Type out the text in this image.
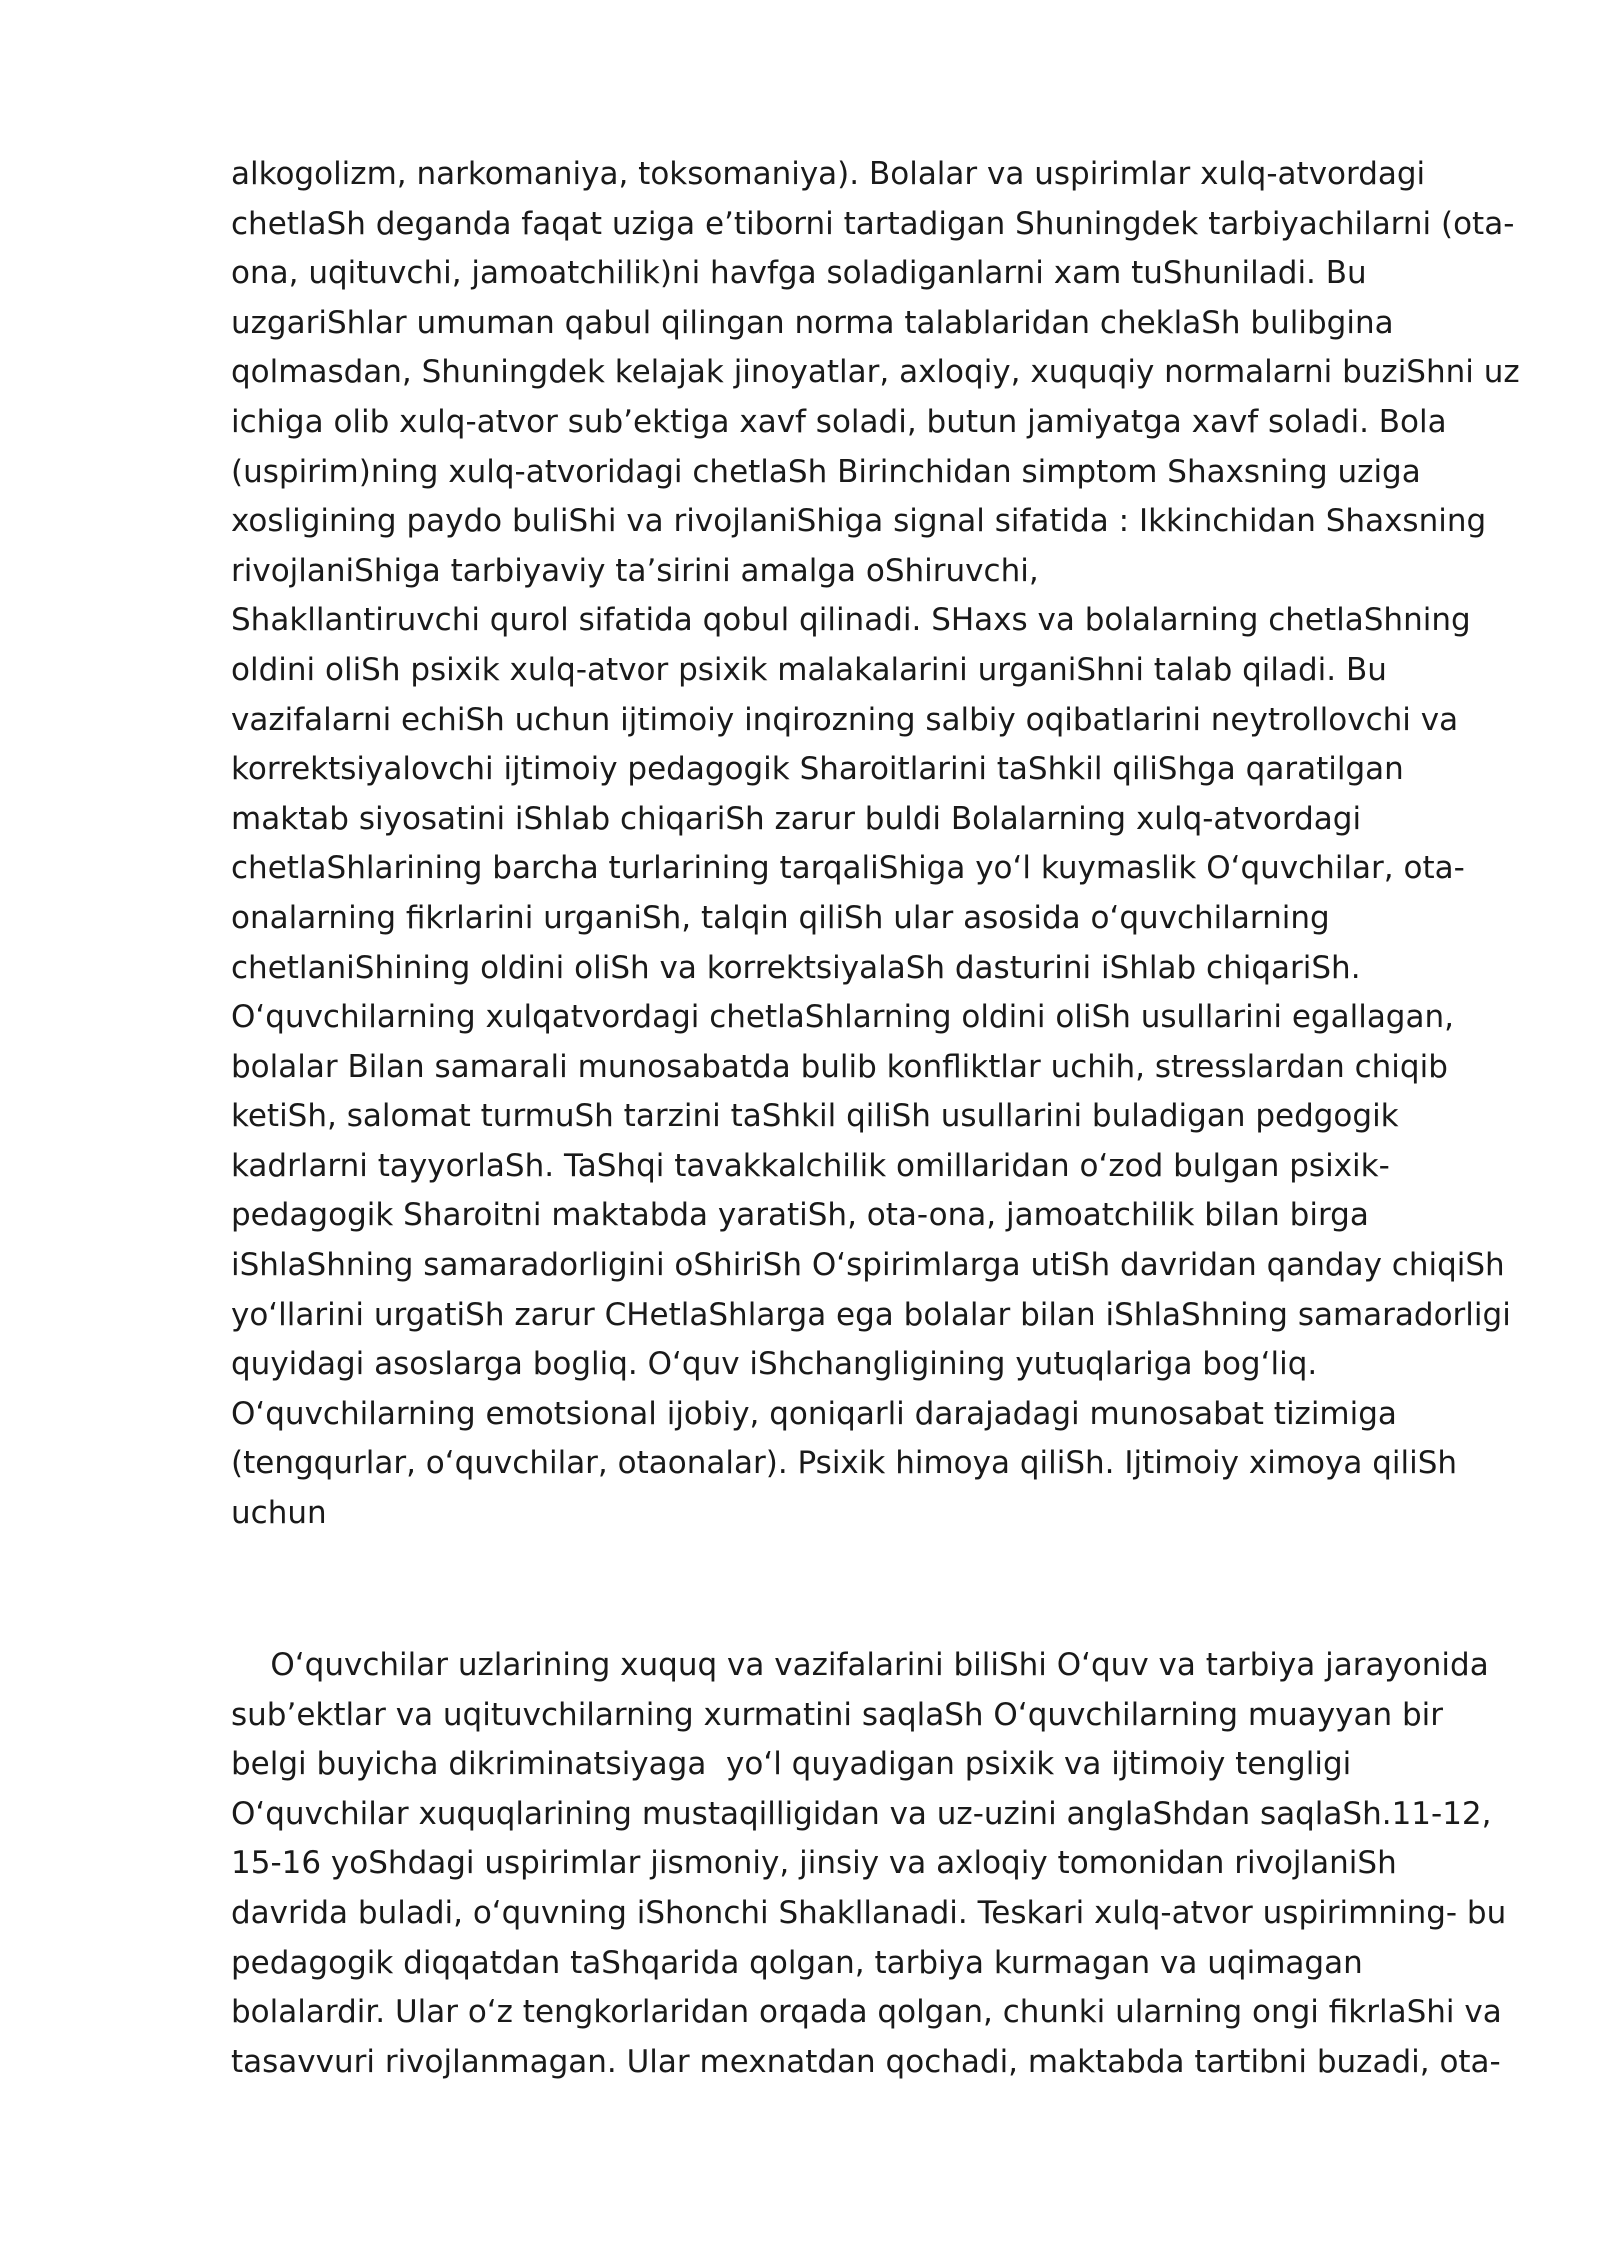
alkogolizm, narkomaniya, toksomaniya). Bolalar va uspirimlar xulq-atvordagi
chetlaSh deganda faqat uziga e’tiborni tartadigan Shuningdek tarbiyachilarni (ota-
ona, uqituvchi, jamoatchilik)ni havfga soladiganlarni xam tuShuniladi. Bu
uzgariShlar umuman qabul qilingan norma talablaridan cheklaSh bulibgina
qolmasdan, Shuningdek kelajak jinoyatlar, axloqiy, xuquqiy normalarni buziShni uz
ichiga olib xulq-atvor sub’ektiga xavf soladi, butun jamiyatga xavf soladi. Bola
(uspirim)ning xulq-atvoridagi chetlaSh Birinchidan simptom Shaxsning uziga
xosligining paydo buliShi va rivojlaniShiga signal sifatida : Ikkinchidan Shaxsning
rivojlaniShiga tarbiyaviy ta’sirini amalga oShiruvchi,
Shakllantiruvchi qurol sifatida qobul qilinadi. SHaxs va bolalarning chetlaShning
oldini oliSh psixik xulq-atvor psixik malakalarini urganiShni talab qiladi. Bu
vazifalarni echiSh uchun ijtimoiy inqirozning salbiy oqibatlarini neytrollovchi va
korrektsiyalovchi ijtimoiy pedagogik Sharoitlarini taShkil qiliShga qaratilgan
maktab siyosatini iShlab chiqariSh zarur buldi Bolalarning xulq-atvordagi
chetlaShlarining barcha turlarining tarqaliShiga yoʻl kuymaslik Oʻquvchilar, ota-
onalarning fikrlarini urganiSh, talqin qiliSh ular asosida oʻquvchilarning
chetlaniShining oldini oliSh va korrektsiyalaSh dasturini iShlab chiqariSh.
Oʻquvchilarning xulqatvordagi chetlaShlarning oldini oliSh usullarini egallagan,
bolalar Bilan samarali munosabatda bulib konfliktlar uchih, stresslardan chiqib
ketiSh, salomat turmuSh tarzini taShkil qiliSh usullarini buladigan pedgogik
kadrlarni tayyorlaSh. TaShqi tavakkalchilik omillaridan oʻzod bulgan psixik-
pedagogik Sharoitni maktabda yaratiSh, ota-ona, jamoatchilik bilan birga
iShlaShning samaradorligini oShiriSh Oʻspirimlarga utiSh davridan qanday chiqiSh
yoʻllarini urgatiSh zarur CHetlaShlarga ega bolalar bilan iShlaShning samaradorligi
quyidagi asoslarga bogliq. Oʻquv iShchangligining yutuqlariga bogʻliq.
Oʻquvchilarning emotsional ijobiy, qoniqarli darajadagi munosabat tizimiga
(tengqurlar, oʻquvchilar, otaonalar). Psixik himoya qiliSh. Ijtimoiy ximoya qiliSh
uchun
Oʻquvchilar uzlarining xuquq va vazifalarini biliShi Oʻquv va tarbiya jarayonida
sub’ektlar va uqituvchilarning xurmatini saqlaSh Oʻquvchilarning muayyan bir
belgi buyicha dikriminatsiyaga  yoʻl quyadigan psixik va ijtimoiy tengligi
Oʻquvchilar xuquqlarining mustaqilligidan va uz-uzini anglaShdan saqlaSh.11-12,
15-16 yoShdagi uspirimlar jismoniy, jinsiy va axloqiy tomonidan rivojlaniSh
davrida buladi, oʻquvning iShonchi Shakllanadi. Teskari xulq-atvor uspirimning- bu
pedagogik diqqatdan taShqarida qolgan, tarbiya kurmagan va uqimagan
bolalardir. Ular oʻz tengkorlaridan orqada qolgan, chunki ularning ongi fikrlaShi va
tasavvuri rivojlanmagan. Ular mexnatdan qochadi, maktabda tartibni buzadi, ota-
